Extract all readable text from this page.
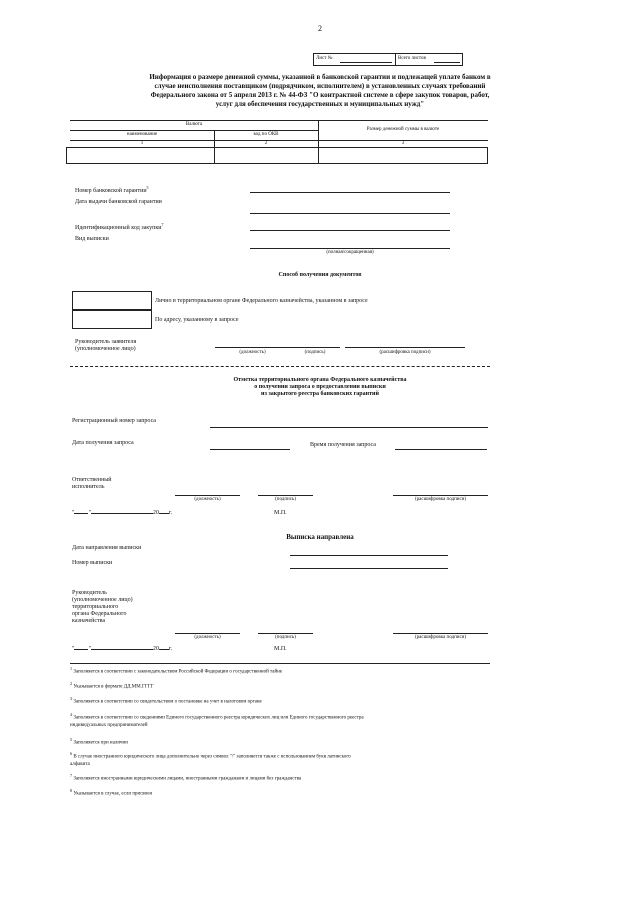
2
Лист №	Всего листов
Информация о размере денежной суммы, указанной в банковской гарантии и подлежащей уплате банком в
случае неисполнения поставщиком (подрядчиком, исполнителем) в установленных случаях требований
Федерального закона от 5 апреля 2013 г. № 44-ФЗ "О контрактной системе в сфере закупок товаров, работ,
услуг для обеспечения государственных и муниципальных нужд"
Валюта
наименование	код по ОКВ
Размер денежной суммы в валюте
1	2	3
Номер банковской гарантии$^5$
Дата выдачи банковской гарантии
Идентификационный код закупки$^7$
Вид выписки
(полная/сокращенная)
Способ получения документов
Лично в территориальном органе Федерального казначейства, указанном в запросе
По адресу, указанному в запросе
Руководитель заявителя
(уполномоченное лицо)
(должность)	(подпись)	(расшифровка подписи)
Отметка территориального органа Федерального казначейства
о получении запроса о предоставлении выписки
из закрытого реестра банковских гарантий
Регистрационный номер запроса
Дата получения запроса	Время получения запроса
Ответственный
исполнитель
(должность)	(подпись)	(расшифровка подписи)
" "	20 г.	М.П.
Выписка направлена
Дата направления выписки
Номер выписки
Руководитель
(уполномоченное лицо)
территориального
органа Федерального
казначейства
(должность)	(подпись)	(расшифровка подписи)
" "	20 г.	М.П.
$^1$ Заполняется в соответствии с законодательством Российской Федерации о государственной тайне
$^2$ Указывается в формате ДД.ММ.ГГГГ
$^3$ Заполняется в соответствии со свидетельством о постановке на учет в налоговом органе
$^4$ Заполняется в соответствии со сведениями Единого государственного реестра юридических лиц или Единого государственного реестра
индивидуальных предпринимателей
$^5$ Заполняется при наличии
$^6$ В случае иностранного юридического лица дополнительно через символ "/" заполняется также с использованием букв латинского
алфавита
$^7$ Заполняется иностранными юридическими лицами, иностранными гражданами и лицами без гражданства
$^8$ Указывается в случае, если присвоен
